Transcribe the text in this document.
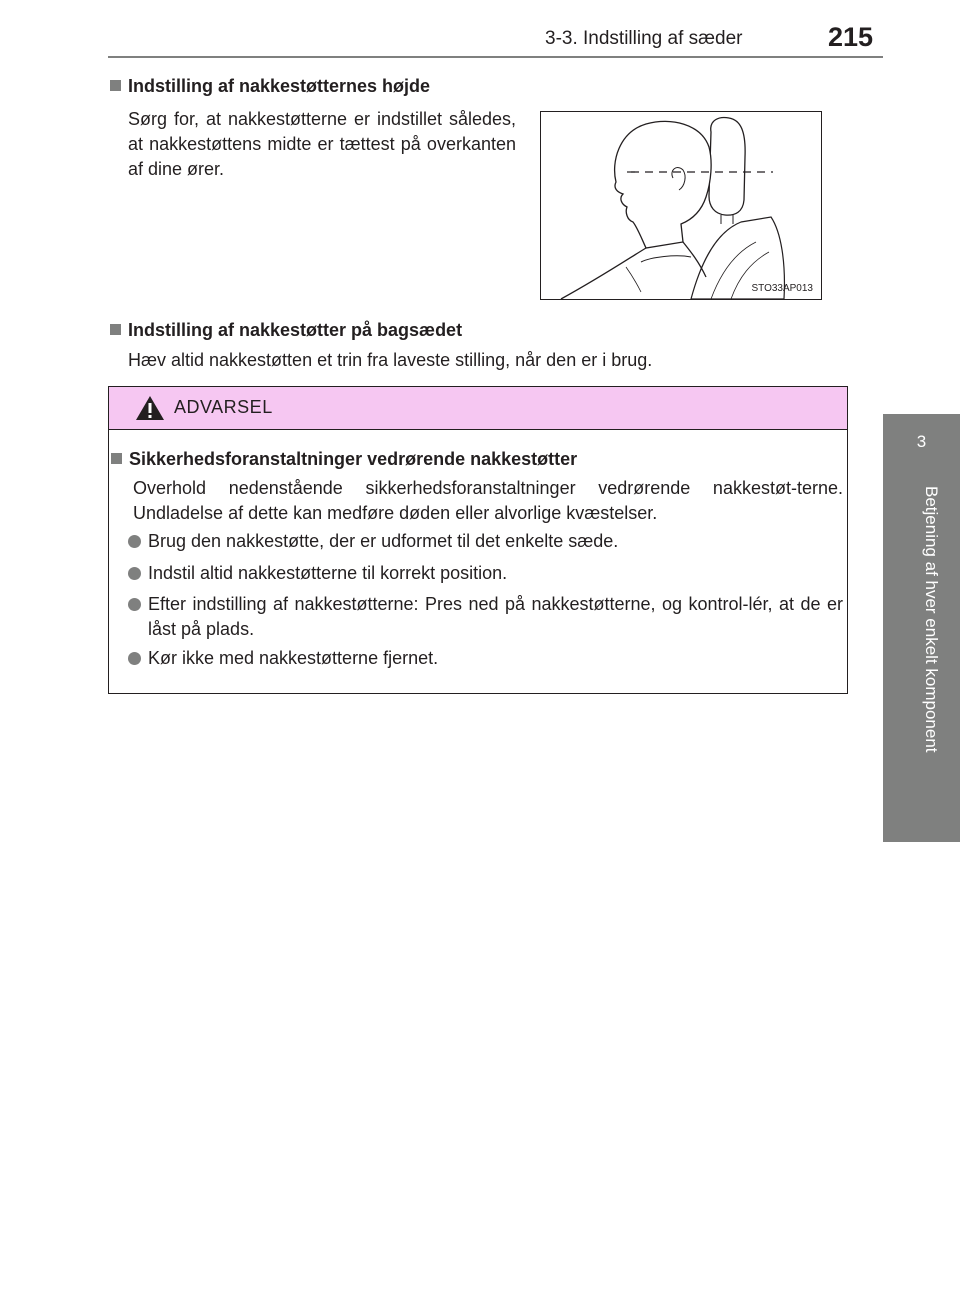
3-3. Indstilling af sæder	215
3
Betjening af hver enkelt komponent
Indstilling af nakkestøtternes højde
Sørg for, at nakkestøtterne er indstillet således, at nakkestøttens midte er tættest på overkanten af dine ører.
STO33AP013
Indstilling af nakkestøtter på bagsædet
Hæv altid nakkestøtten et trin fra laveste stilling, når den er i brug.
ADVARSEL
Sikkerhedsforanstaltninger vedrørende nakkestøtter
Overhold nedenstående sikkerhedsforanstaltninger vedrørende nakkestøt-terne. Undladelse af dette kan medføre døden eller alvorlige kvæstelser.
Brug den nakkestøtte, der er udformet til det enkelte sæde.
Indstil altid nakkestøtterne til korrekt position.
Efter indstilling af nakkestøtterne: Pres ned på nakkestøtterne, og kontrol-lér, at de er låst på plads.
Kør ikke med nakkestøtterne fjernet.
